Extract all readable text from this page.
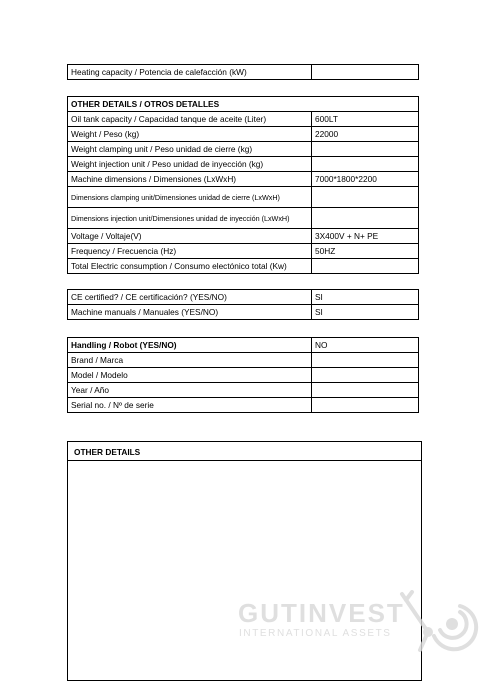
Heating capacity / Potencia de calefacción (kW)	
OTHER DETAILS / OTROS DETALLES	
Oil tank capacity / Capacidad tanque de aceite (Liter)	600LT
Weight / Peso (kg)	22000
Weight clamping unit / Peso unidad de cierre (kg)	
Weight injection unit / Peso unidad de inyección (kg)	
Machine dimensions / Dimensiones (LxWxH)	7000*1800*2200
Dimensions clamping unit/Dimensiones unidad de cierre (LxWxH)	
Dimensions injection unit/Dimensiones unidad de inyección (LxWxH)	
Voltage / Voltaje(V)	3X400V + N+ PE
Frequency / Frecuencia (Hz)	50HZ
Total Electric consumption / Consumo electónico total (Kw)	
CE certified? / CE certificación? (YES/NO)	SI
Machine manuals / Manuales (YES/NO)	SI
Handling / Robot (YES/NO)	NO
Brand / Marca	
Model / Modelo	
Year / Año	
Serial no. / Nº de serie	
OTHER DETAILS
GUTINVEST
INTERNATIONAL ASSETS
